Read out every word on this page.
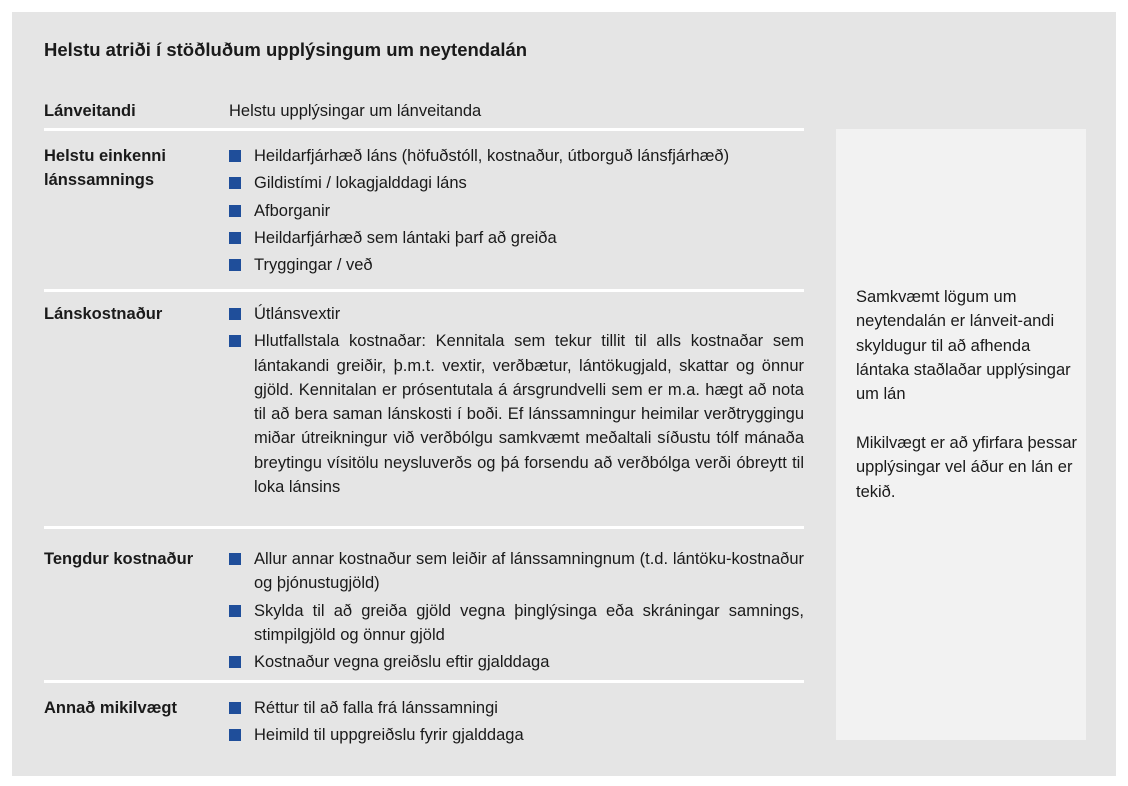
Helstu atriði í stöðluðum upplýsingum um neytendalán
Lánveitandi	Helstu upplýsingar um lánveitanda
Helstu einkenni lánssamnings
Heildarfjárhæð láns (höfuðstóll, kostnaður, útborguð lánsfjárhæð)
Gildistími / lokagjalddagi láns
Afborganir
Heildarfjárhæð sem lántaki þarf að greiða
Tryggingar / veð
Lánskostnaður	Útlánsvextir
Hlutfallstala kostnaðar: Kennitala sem tekur tillit til alls kostnaðar sem lántakandi greiðir, þ.m.t. vextir, verðbætur, lántökugjald, skattar og önnur gjöld. Kennitalan er prósentutala á ársgrundvelli sem er m.a. hægt að nota til að bera saman lánskosti í boði. Ef lánssamningur heimilar verðtryggingu miðar útreikningur við verðbólgu samkvæmt meðaltali síðustu tólf mánaða breytingu vísitölu neysluverðs og þá forsendu að verðbólga verði óbreytt til loka lánsins
Tengdur kostnaður	Allur annar kostnaður sem leiðir af lánssamningnum (t.d. lántöku-kostnaður og þjónustugjöld)
Skylda til að greiða gjöld vegna þinglýsinga eða skráningar samnings, stimpilgjöld og önnur gjöld
Kostnaður vegna greiðslu eftir gjalddaga
Annað mikilvægt	Réttur til að falla frá lánssamningi
Heimild til uppgreiðslu fyrir gjalddaga

Samkvæmt lögum um neytendalán er lánveit-andi skyldugur til að afhenda lántaka staðlaðar upplýsingar um lán

Mikilvægt er að yfirfara þessar upplýsingar vel áður en lán er tekið.
